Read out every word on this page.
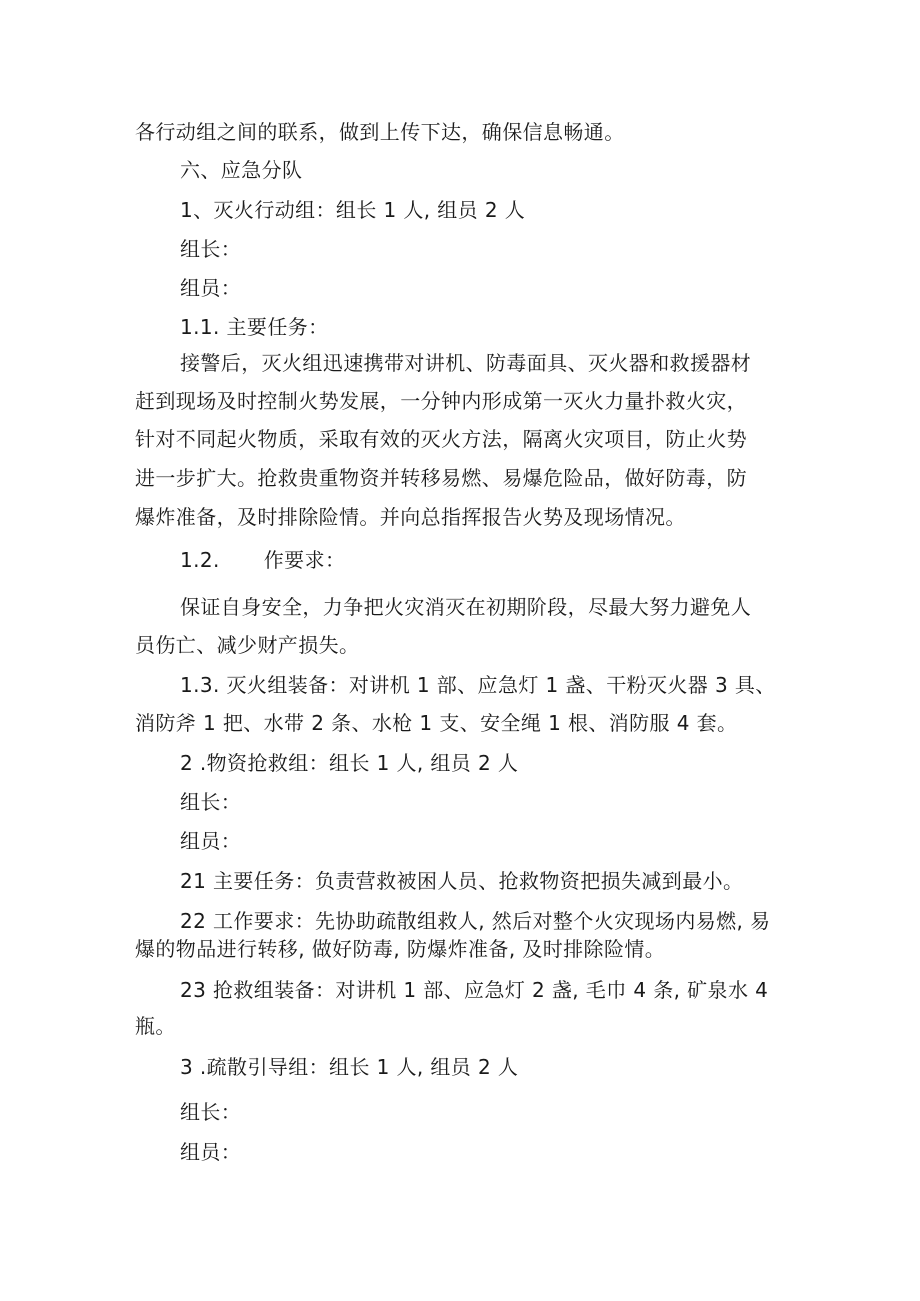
各行动组之间的联系，做到上传下达，确保信息畅通。
六、应急分队
1、灭火行动组：组长 1 人, 组员 2 人
组长：
组员：
1.1. 主要任务：
接警后，灭火组迅速携带对讲机、防毒面具、灭火器和救援器材
赶到现场及时控制火势发展，一分钟内形成第一灭火力量扑救火灾，
针对不同起火物质，采取有效的灭火方法，隔离火灾项目，防止火势
进一步扩大。抢救贵重物资并转移易燃、易爆危险品，做好防毒，防
爆炸准备，及时排除险情。并向总指挥报告火势及现场情况。
1.2. 作要求：
保证自身安全，力争把火灾消灭在初期阶段，尽最大努力避免人
员伤亡、减少财产损失。
1.3. 灭火组装备：对讲机 1 部、应急灯 1 盏、干粉灭火器 3 具、
消防斧 1 把、水带 2 条、水枪 1 支、安全绳 1 根、消防服 4 套。
2 .物资抢救组：组长 1 人, 组员 2 人
组长：
组员：
21 主要任务：负责营救被困人员、抢救物资把损失减到最小。
22 工作要求：先协助疏散组救人, 然后对整个火灾现场内易燃, 易
爆的物品进行转移, 做好防毒, 防爆炸准备, 及时排除险情。
23 抢救组装备：对讲机 1 部、应急灯 2 盏, 毛巾 4 条, 矿泉水 4
瓶。
3 .疏散引导组：组长 1 人, 组员 2 人
组长：
组员：
